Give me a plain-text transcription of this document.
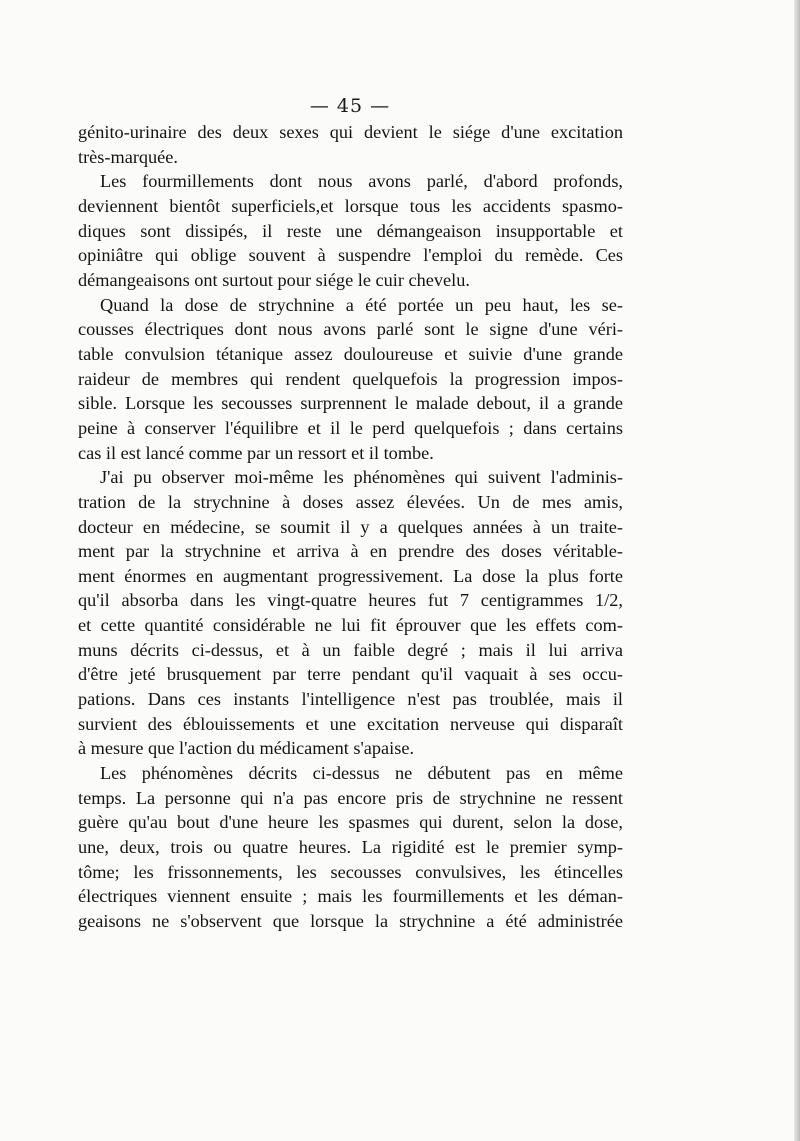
— 45 —
génito-urinaire des deux sexes qui devient le siége d'une excitation
très-marquée.
Les fourmillements dont nous avons parlé, d'abord profonds,
deviennent bientôt superficiels,et lorsque tous les accidents spasmo-
diques sont dissipés, il reste une démangeaison insupportable et
opiniâtre qui oblige souvent à suspendre l'emploi du remède. Ces
démangeaisons ont surtout pour siége le cuir chevelu.
Quand la dose de strychnine a été portée un peu haut, les se-
cousses électriques dont nous avons parlé sont le signe d'une véri-
table convulsion tétanique assez douloureuse et suivie d'une grande
raideur de membres qui rendent quelquefois la progression impos-
sible. Lorsque les secousses surprennent le malade debout, il a grande
peine à conserver l'équilibre et il le perd quelquefois ; dans certains
cas il est lancé comme par un ressort et il tombe.
J'ai pu observer moi-même les phénomènes qui suivent l'adminis-
tration de la strychnine à doses assez élevées. Un de mes amis,
docteur en médecine, se soumit il y a quelques années à un traite-
ment par la strychnine et arriva à en prendre des doses véritable-
ment énormes en augmentant progressivement. La dose la plus forte
qu'il absorba dans les vingt-quatre heures fut 7 centigrammes 1/2,
et cette quantité considérable ne lui fit éprouver que les effets com-
muns décrits ci-dessus, et à un faible degré ; mais il lui arriva
d'être jeté brusquement par terre pendant qu'il vaquait à ses occu-
pations. Dans ces instants l'intelligence n'est pas troublée, mais il
survient des éblouissements et une excitation nerveuse qui disparaît
à mesure que l'action du médicament s'apaise.
Les phénomènes décrits ci-dessus ne débutent pas en même
temps. La personne qui n'a pas encore pris de strychnine ne ressent
guère qu'au bout d'une heure les spasmes qui durent, selon la dose,
une, deux, trois ou quatre heures. La rigidité est le premier symp-
tôme; les frissonnements, les secousses convulsives, les étincelles
électriques viennent ensuite ; mais les fourmillements et les déman-
geaisons ne s'observent que lorsque la strychnine a été administrée
